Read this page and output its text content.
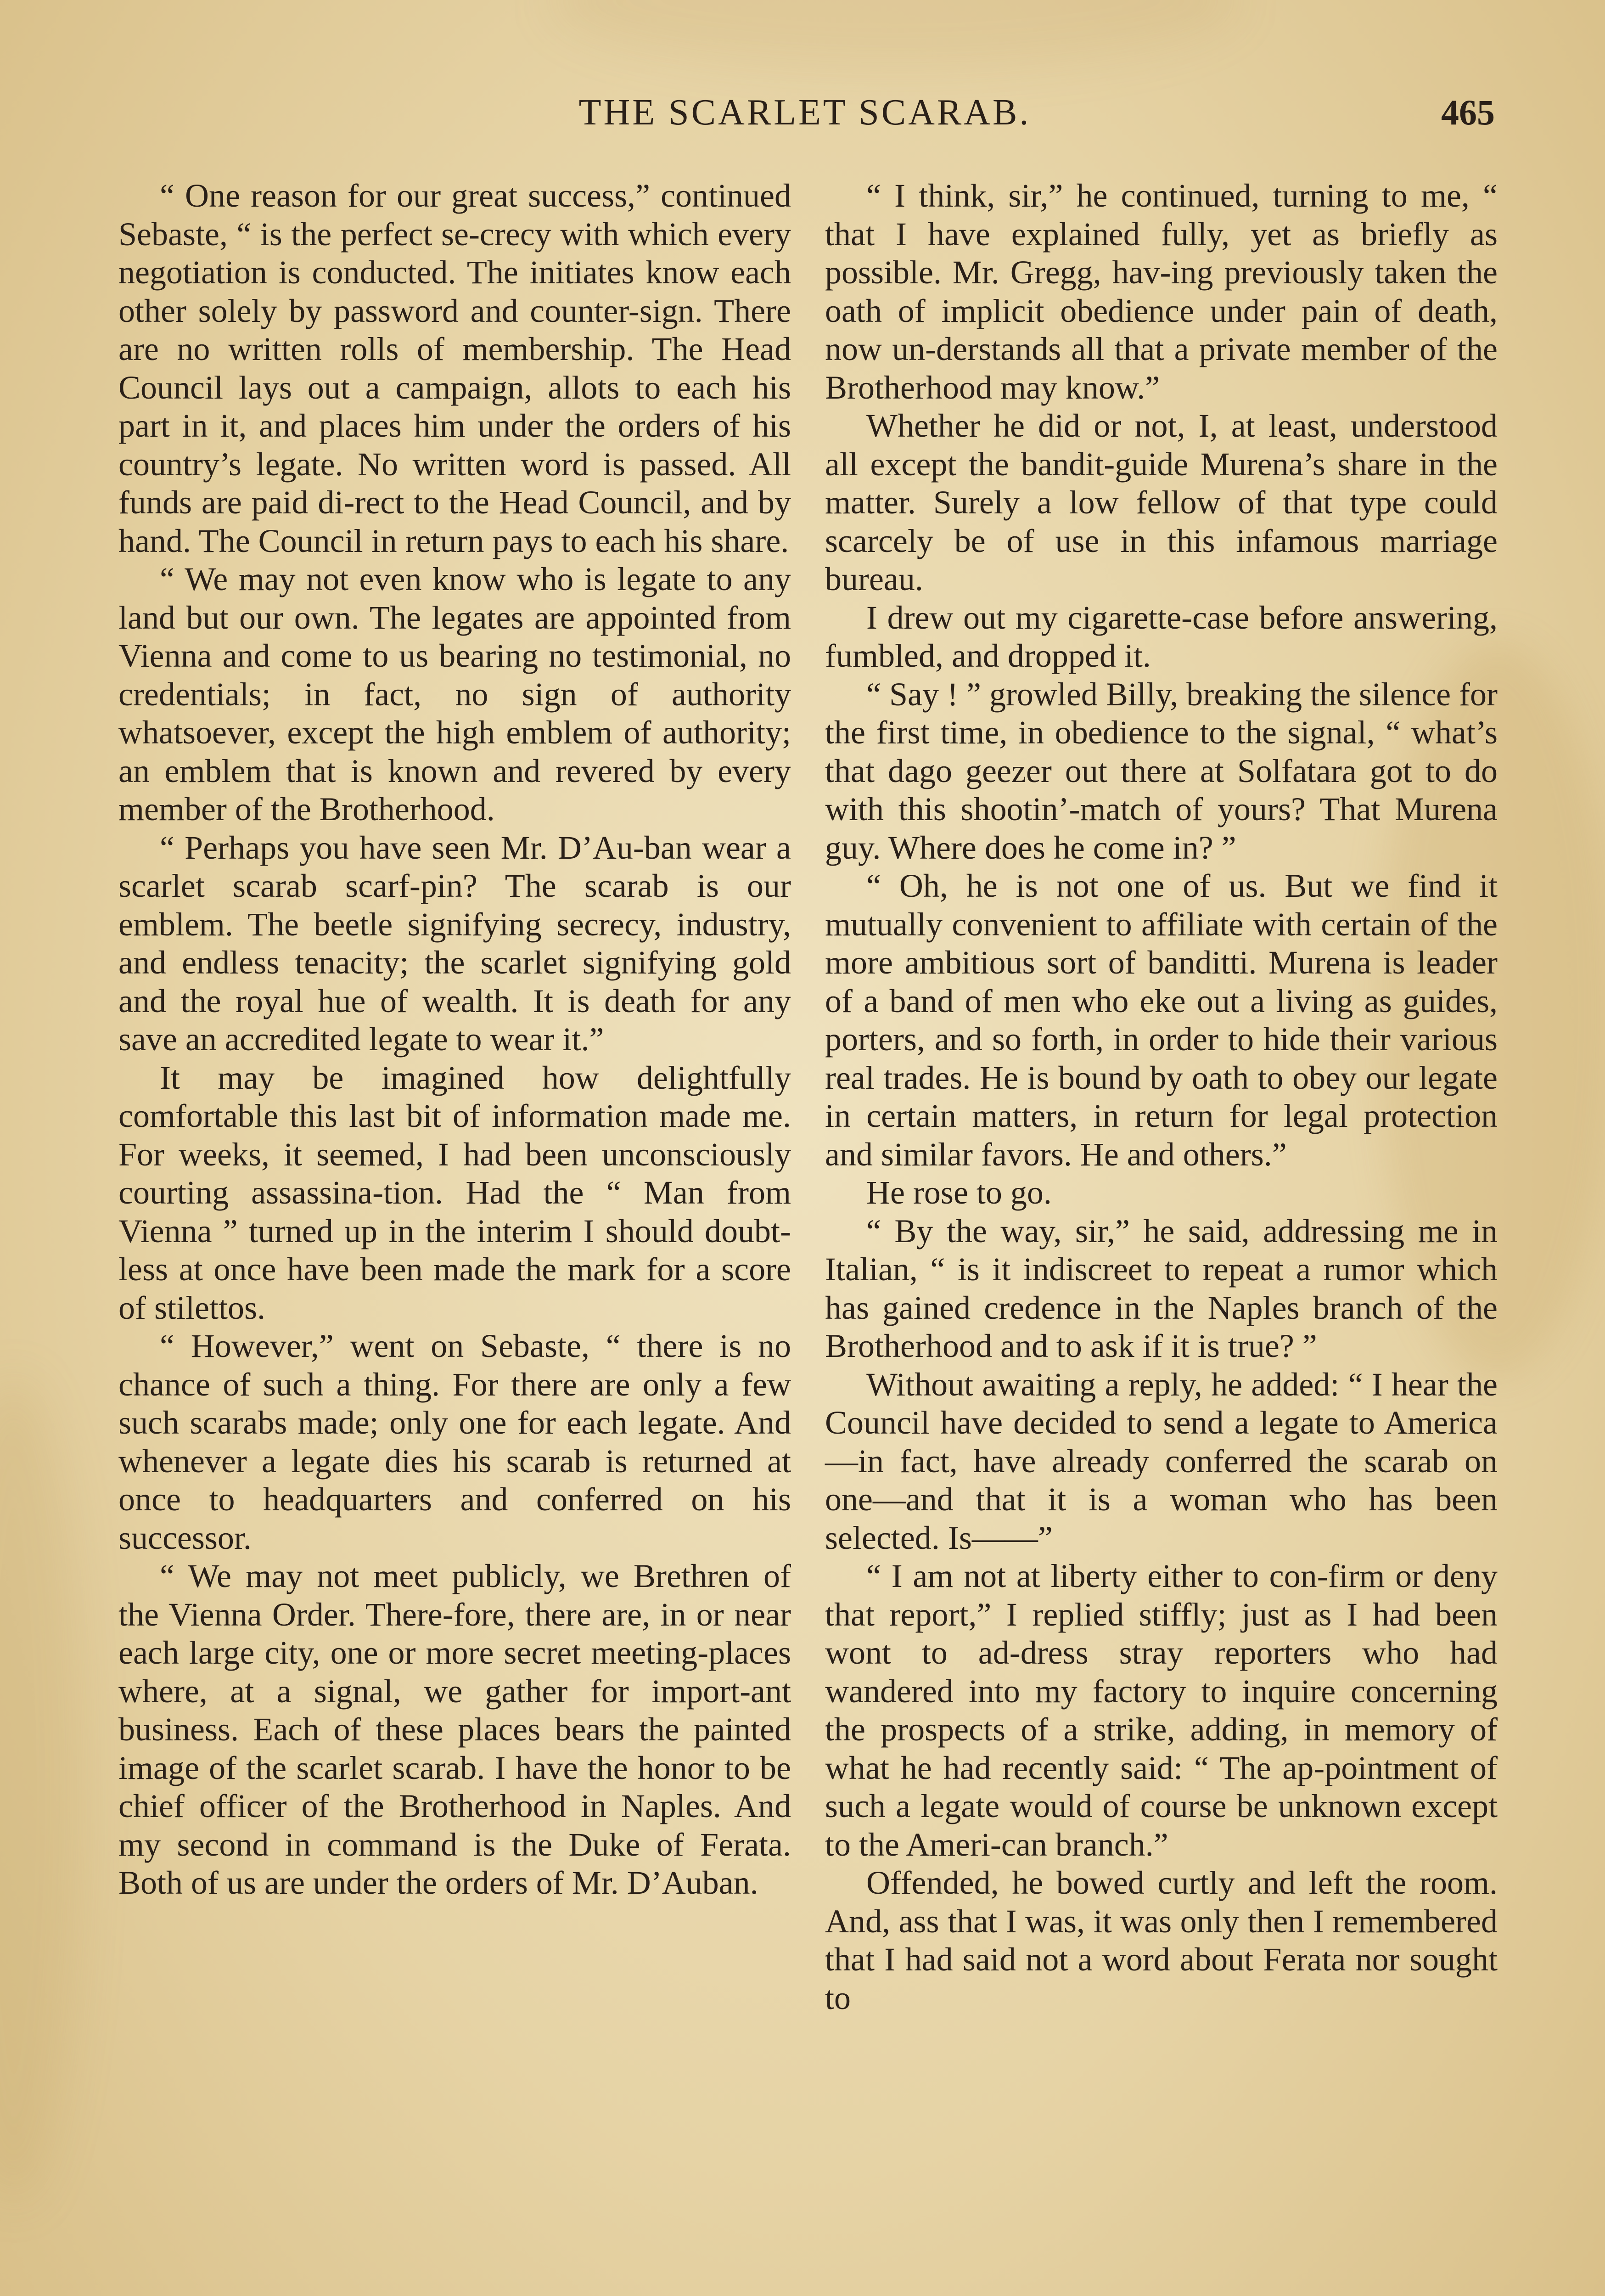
THE SCARLET SCARAB.	465

“ One reason for our great success,” continued Sebaste, “ is the perfect se-crecy with which every negotiation is conducted. The initiates know each other solely by password and counter-sign. There are no written rolls of membership. The Head Council lays out a campaign, allots to each his part in it, and places him under the orders of his country’s legate. No written word is passed. All funds are paid di-rect to the Head Council, and by hand. The Council in return pays to each his share.

“ We may not even know who is legate to any land but our own. The legates are appointed from Vienna and come to us bearing no testimonial, no credentials; in fact, no sign of authority whatsoever, except the high emblem of authority; an emblem that is known and revered by every member of the Brotherhood.

“ Perhaps you have seen Mr. D’Au-ban wear a scarlet scarab scarf-pin? The scarab is our emblem. The beetle signifying secrecy, industry, and endless tenacity; the scarlet signifying gold and the royal hue of wealth. It is death for any save an accredited legate to wear it.”

It may be imagined how delightfully comfortable this last bit of information made me. For weeks, it seemed, I had been unconsciously courting assassina-tion. Had the “ Man from Vienna ” turned up in the interim I should doubt-less at once have been made the mark for a score of stilettos.

“ However,” went on Sebaste, “ there is no chance of such a thing. For there are only a few such scarabs made; only one for each legate. And whenever a legate dies his scarab is returned at once to headquarters and conferred on his successor.

“ We may not meet publicly, we Brethren of the Vienna Order. There-fore, there are, in or near each large city, one or more secret meeting-places where, at a signal, we gather for import-ant business. Each of these places bears the painted image of the scarlet scarab. I have the honor to be chief officer of the Brotherhood in Naples. And my second in command is the Duke of Ferata. Both of us are under the orders of Mr. D’Auban.

“ I think, sir,” he continued, turning to me, “ that I have explained fully, yet as briefly as possible. Mr. Gregg, hav-ing previously taken the oath of implicit obedience under pain of death, now un-derstands all that a private member of the Brotherhood may know.”

Whether he did or not, I, at least, understood all except the bandit-guide Murena’s share in the matter. Surely a low fellow of that type could scarcely be of use in this infamous marriage bureau.

I drew out my cigarette-case before answering, fumbled, and dropped it.

“ Say ! ” growled Billy, breaking the silence for the first time, in obedience to the signal, “ what’s that dago geezer out there at Solfatara got to do with this shootin’-match of yours? That Murena guy. Where does he come in? ”

“ Oh, he is not one of us. But we find it mutually convenient to affiliate with certain of the more ambitious sort of banditti. Murena is leader of a band of men who eke out a living as guides, porters, and so forth, in order to hide their various real trades. He is bound by oath to obey our legate in certain matters, in return for legal protection and similar favors. He and others.”

He rose to go.

“ By the way, sir,” he said, addressing me in Italian, “ is it indiscreet to repeat a rumor which has gained credence in the Naples branch of the Brotherhood and to ask if it is true? ”

Without awaiting a reply, he added: “ I hear the Council have decided to send a legate to America—in fact, have already conferred the scarab on one—and that it is a woman who has been selected. Is——”

“ I am not at liberty either to con-firm or deny that report,” I replied stiffly; just as I had been wont to ad-dress stray reporters who had wandered into my factory to inquire concerning the prospects of a strike, adding, in memory of what he had recently said: “ The ap-pointment of such a legate would of course be unknown except to the Ameri-can branch.”

Offended, he bowed curtly and left the room. And, ass that I was, it was only then I remembered that I had said not a word about Ferata nor sought to
